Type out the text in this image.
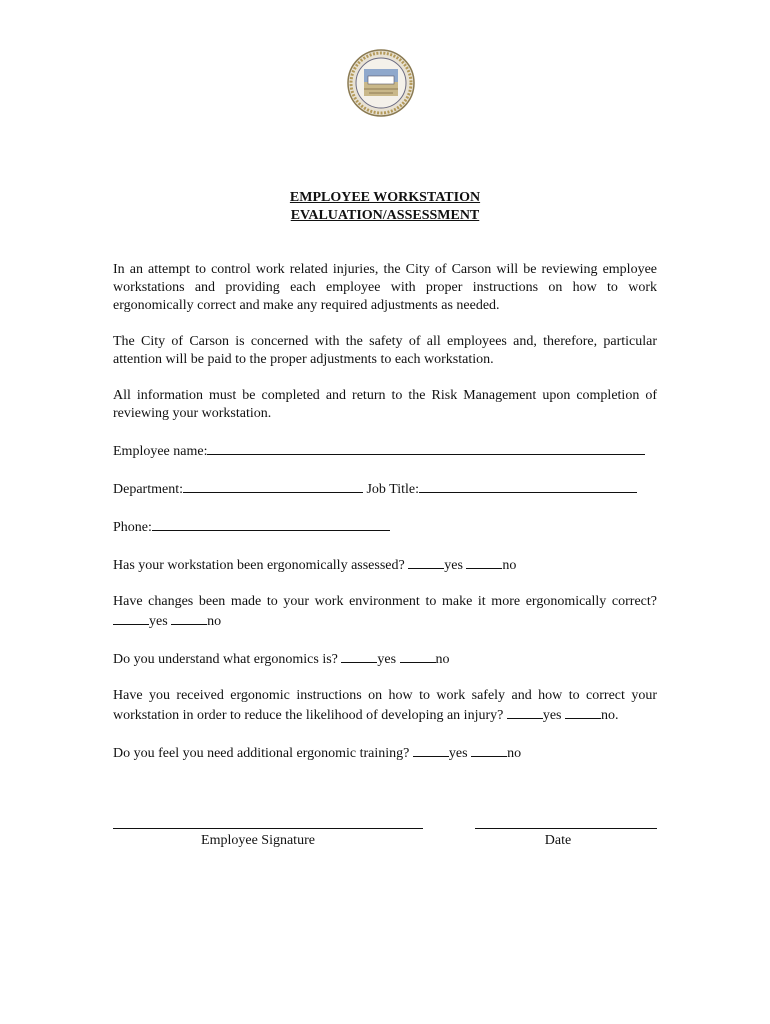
EMPLOYEE WORKSTATION
EVALUATION/ASSESSMENT

In an attempt to control work related injuries, the City of Carson will be reviewing employee workstations and providing each employee with proper instructions on how to work ergonomically correct and make any required adjustments as needed.

The City of Carson is concerned with the safety of all employees and, therefore, particular attention will be paid to the proper adjustments to each workstation.

All information must be completed and return to the Risk Management upon completion of reviewing your workstation.

Employee name:

Department:	Job Title:

Phone:

Has your workstation been ergonomically assessed?	yes	no

Have changes been made to your work environment to make it more ergonomically correct? yes	no

Do you understand what ergonomics is?	yes	no

Have you received ergonomic instructions on how to work safely and how to correct your workstation in order to reduce the likelihood of developing an injury?	yes	no.

Do you feel you need additional ergonomic training?	yes	no

Employee Signature	Date
